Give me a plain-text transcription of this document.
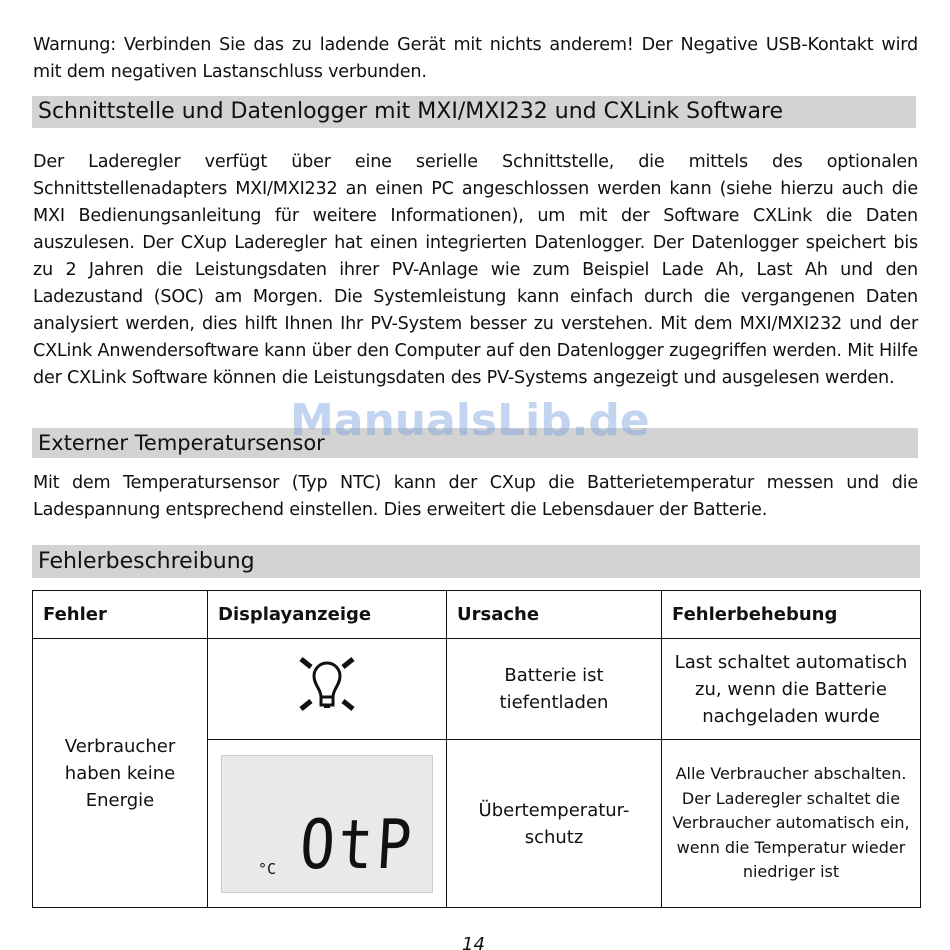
Warnung: Verbinden Sie das zu ladende Gerät mit nichts anderem! Der Negative USB-Kontakt wird mit dem negativen Lastanschluss verbunden.
Schnittstelle und Datenlogger mit MXI/MXI232 und CXLink Software
Der Laderegler verfügt über eine serielle Schnittstelle, die mittels des optionalen Schnittstellenadapters MXI/MXI232 an einen PC angeschlossen werden kann (siehe hierzu auch die MXI Bedienungsanleitung für weitere Informationen), um mit der Software CXLink die Daten auszulesen. Der CXup Laderegler hat einen integrierten Datenlogger. Der Datenlogger speichert bis zu 2 Jahren die Leistungsdaten ihrer PV-Anlage wie zum Beispiel Lade Ah, Last Ah und den Ladezustand (SOC) am Morgen. Die Systemleistung kann einfach durch die vergangenen Daten analysiert werden, dies hilft Ihnen Ihr PV-System besser zu verstehen. Mit dem MXI/MXI232 und der CXLink Anwendersoftware kann über den Computer auf den Datenlogger zugegriffen werden. Mit Hilfe der CXLink Software können die Leistungsdaten des PV-Systems angezeigt und ausgelesen werden.
Externer Temperatursensor
Mit dem Temperatursensor (Typ NTC) kann der CXup die Batterietemperatur messen und die Ladespannung entsprechend einstellen. Dies erweitert die Lebensdauer der Batterie.
Fehlerbeschreibung
Fehler	Displayanzeige	Ursache	Fehlerbehebung
Verbraucher haben keine Energie		Batterie ist tiefentladen	Last schaltet automatisch zu, wenn die Batterie nachgeladen wurde

	°C OtP	Übertemperatur-schutz	Alle Verbraucher abschalten. Der Laderegler schaltet die Verbraucher automatisch ein, wenn die Temperatur wieder niedriger ist
ManualsLib.de
14
